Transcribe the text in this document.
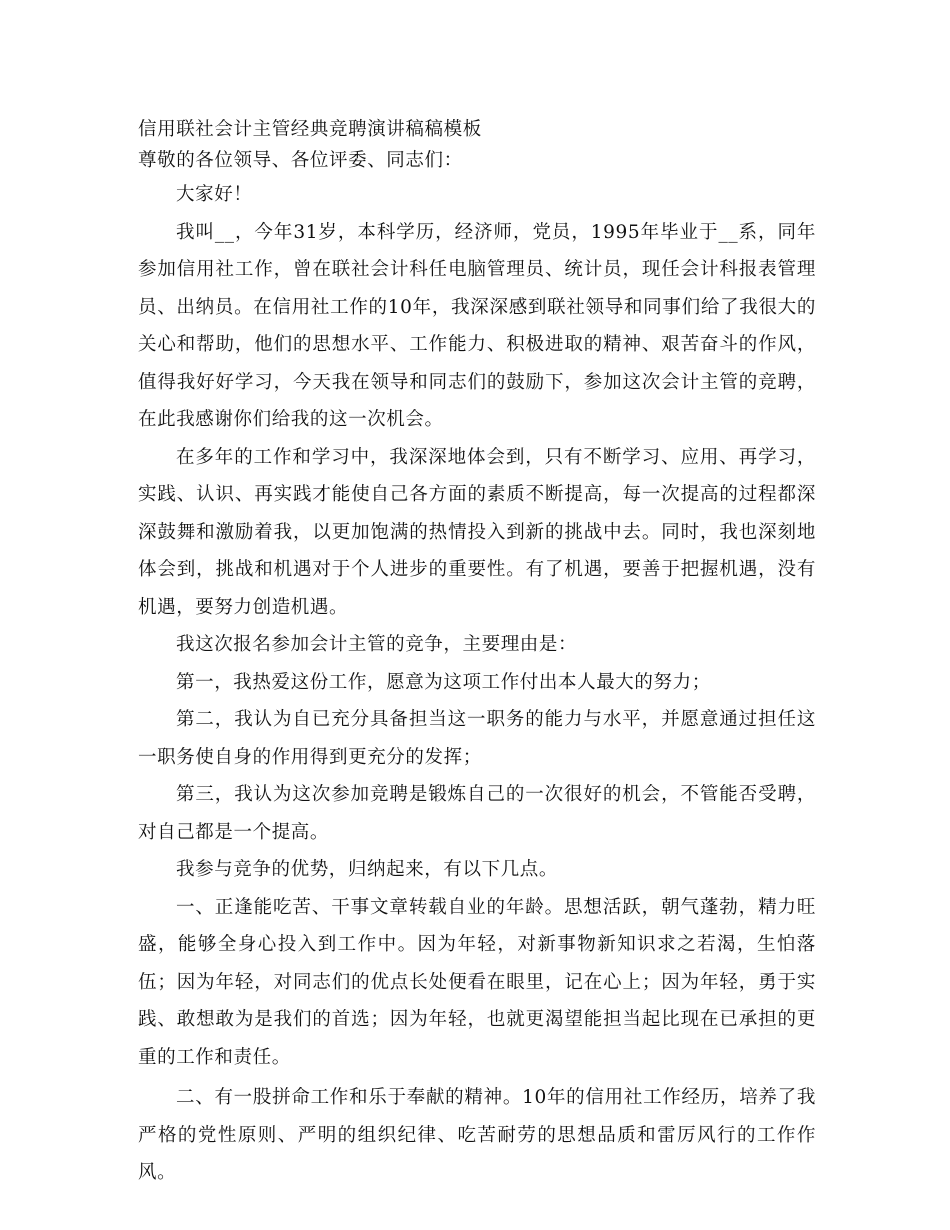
信用联社会计主管经典竞聘演讲稿稿模板

尊敬的各位领导、各位评委、同志们：

大家好！

我叫__，今年31岁，本科学历，经济师，党员，1995年毕业于__系，同年参加信用社工作，曾在联社会计科任电脑管理员、统计员，现任会计科报表管理员、出纳员。在信用社工作的10年，我深深感到联社领导和同事们给了我很大的关心和帮助，他们的思想水平、工作能力、积极进取的精神、艰苦奋斗的作风，值得我好好学习，今天我在领导和同志们的鼓励下，参加这次会计主管的竞聘，在此我感谢你们给我的这一次机会。

在多年的工作和学习中，我深深地体会到，只有不断学习、应用、再学习，实践、认识、再实践才能使自己各方面的素质不断提高，每一次提高的过程都深深鼓舞和激励着我，以更加饱满的热情投入到新的挑战中去。同时，我也深刻地体会到，挑战和机遇对于个人进步的重要性。有了机遇，要善于把握机遇，没有机遇，要努力创造机遇。

我这次报名参加会计主管的竞争，主要理由是：

第一，我热爱这份工作，愿意为这项工作付出本人最大的努力；

第二，我认为自已充分具备担当这一职务的能力与水平，并愿意通过担任这一职务使自身的作用得到更充分的发挥；

第三，我认为这次参加竞聘是锻炼自己的一次很好的机会，不管能否受聘，对自己都是一个提高。

我参与竞争的优势，归纳起来，有以下几点。

一、正逢能吃苦、干事文章转载自业的年龄。思想活跃，朝气蓬勃，精力旺盛，能够全身心投入到工作中。因为年轻，对新事物新知识求之若渴，生怕落伍；因为年轻，对同志们的优点长处便看在眼里，记在心上；因为年轻，勇于实践、敢想敢为是我们的首选；因为年轻，也就更渴望能担当起比现在已承担的更重的工作和责任。

二、有一股拼命工作和乐于奉献的精神。10年的信用社工作经历，培养了我严格的党性原则、严明的组织纪律、吃苦耐劳的思想品质和雷厉风行的工作作风。
